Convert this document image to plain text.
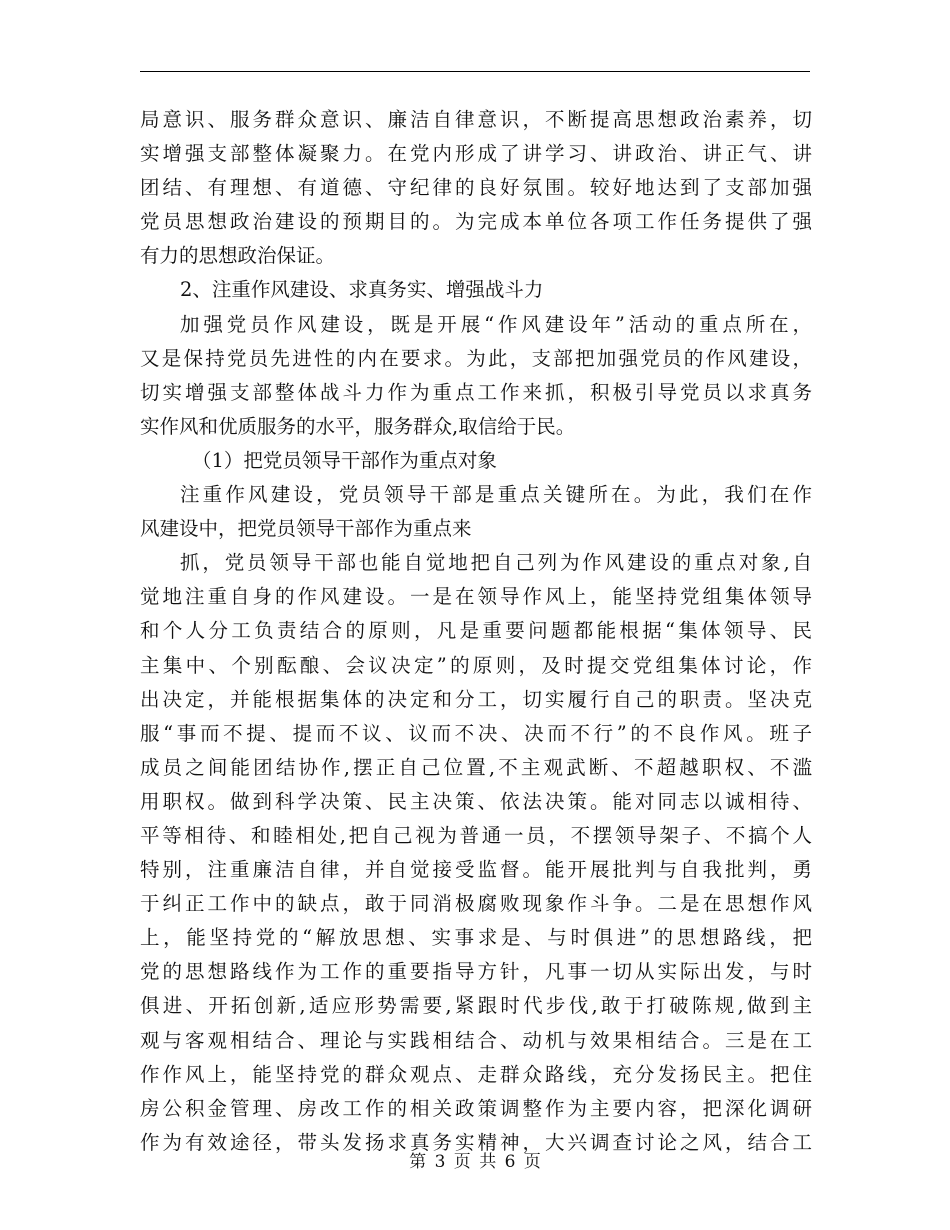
局意识、服务群众意识、廉洁自律意识，不断提高思想政治素养，切
实增强支部整体凝聚力。在党内形成了讲学习、讲政治、讲正气、讲
团结、有理想、有道德、守纪律的良好氛围。较好地达到了支部加强
党员思想政治建设的预期目的。为完成本单位各项工作任务提供了强
有力的思想政治保证。
2、注重作风建设、求真务实、增强战斗力
加强党员作风建设，既是开展“作风建设年”活动的重点所在，
又是保持党员先进性的内在要求。为此，支部把加强党员的作风建设，
切实增强支部整体战斗力作为重点工作来抓，积极引导党员以求真务
实作风和优质服务的水平，服务群众,取信给于民。
（1）把党员领导干部作为重点对象
注重作风建设，党员领导干部是重点关键所在。为此，我们在作
风建设中，把党员领导干部作为重点来
抓，党员领导干部也能自觉地把自己列为作风建设的重点对象,自
觉地注重自身的作风建设。一是在领导作风上，能坚持党组集体领导
和个人分工负责结合的原则，凡是重要问题都能根据“集体领导、民
主集中、个别酝酿、会议决定”的原则，及时提交党组集体讨论，作
出决定，并能根据集体的决定和分工，切实履行自己的职责。坚决克
服“事而不提、提而不议、议而不决、决而不行”的不良作风。班子
成员之间能团结协作,摆正自己位置,不主观武断、不超越职权、不滥
用职权。做到科学决策、民主决策、依法决策。能对同志以诚相待、
平等相待、和睦相处,把自己视为普通一员，不摆领导架子、不搞个人
特别，注重廉洁自律，并自觉接受监督。能开展批判与自我批判，勇
于纠正工作中的缺点，敢于同消极腐败现象作斗争。二是在思想作风
上，能坚持党的“解放思想、实事求是、与时俱进”的思想路线，把
党的思想路线作为工作的重要指导方针，凡事一切从实际出发，与时
俱进、开拓创新,适应形势需要,紧跟时代步伐,敢于打破陈规,做到主
观与客观相结合、理论与实践相结合、动机与效果相结合。三是在工
作作风上，能坚持党的群众观点、走群众路线，充分发扬民主。把住
房公积金管理、房改工作的相关政策调整作为主要内容，把深化调研
作为有效途径，带头发扬求真务实精神，大兴调查讨论之风，结合工
第 3 页 共 6 页
